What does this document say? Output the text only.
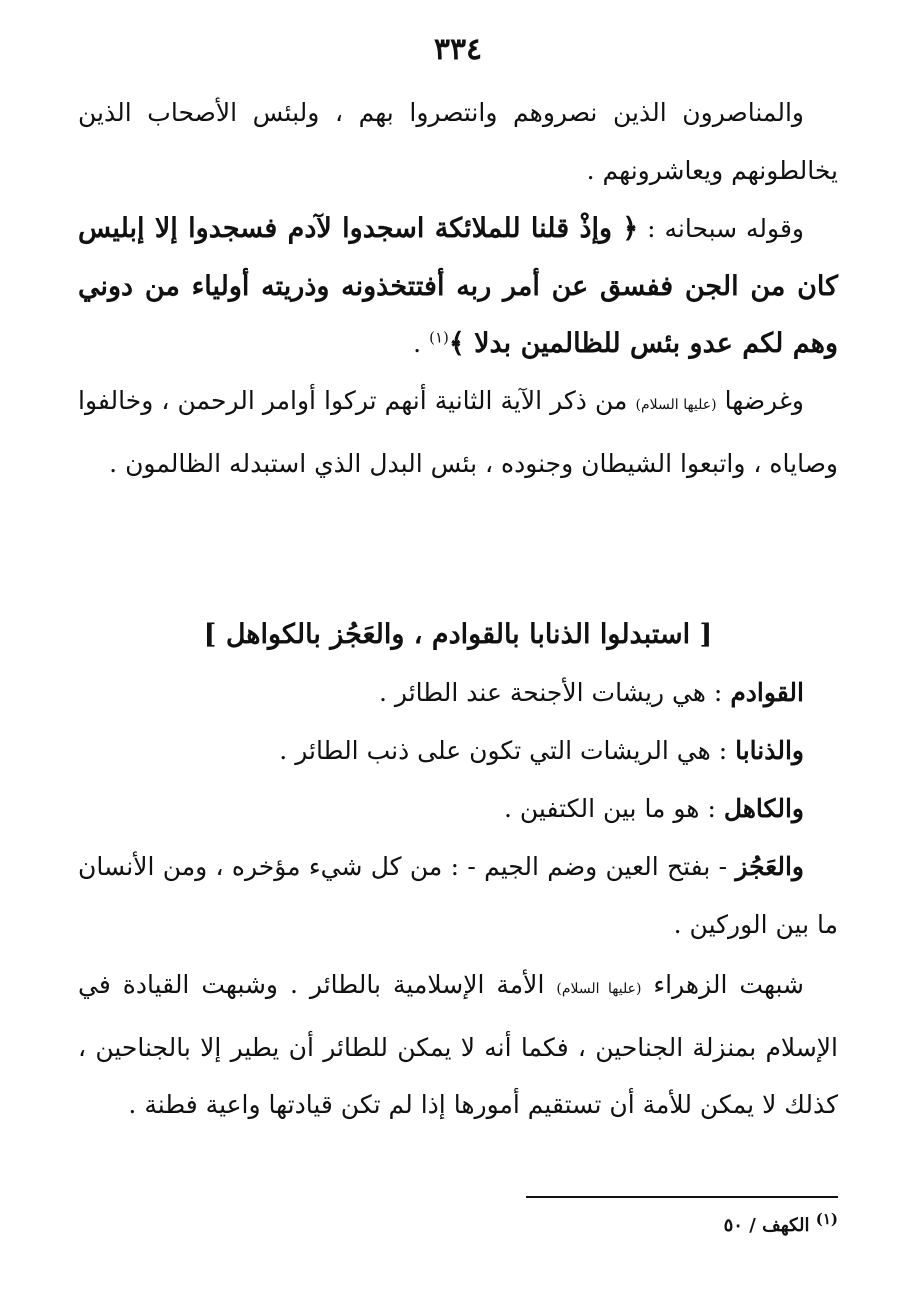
٣٣٤

والمناصرون الذين نصروهم وانتصروا بهم ، ولبئس الأصحاب الذين يخالطونهم ويعاشرونهم .

وقوله سبحانه : ﴿ وإذْ قلنا للملائكة اسجدوا لآدم فسجدوا إلا إبليس كان من الجن ففسق عن أمر ربه أفتتخذونه وذريته أولياء من دوني وهم لكم عدو بئس للظالمين بدلا ﴾$^{(١)}$ .

وغرضها (عليها السلام) من ذكر الآية الثانية أنهم تركوا أوامر الرحمن ، وخالفوا وصاياه ، واتبعوا الشيطان وجنوده ، بئس البدل الذي استبدله الظالمون .

[ استبدلوا الذنابا بالقوادم ، والعَجُز بالكواهل ]

القوادم : هي ريشات الأجنحة عند الطائر .

والذنابا : هي الريشات التي تكون على ذنب الطائر .

والكاهل : هو ما بين الكتفين .

والعَجُز - بفتح العين وضم الجيم - : من كل شيء مؤخره ، ومن الأنسان ما بين الوركين .

شبهت الزهراء (عليها السلام) الأمة الإسلامية بالطائر . وشبهت القيادة في الإسلام بمنزلة الجناحين ، فكما أنه لا يمكن للطائر أن يطير إلا بالجناحين ، كذلك لا يمكن للأمة أن تستقيم أمورها إذا لم تكن قيادتها واعية فطنة .

$^{(١)}$ الكهف / ٥٠
